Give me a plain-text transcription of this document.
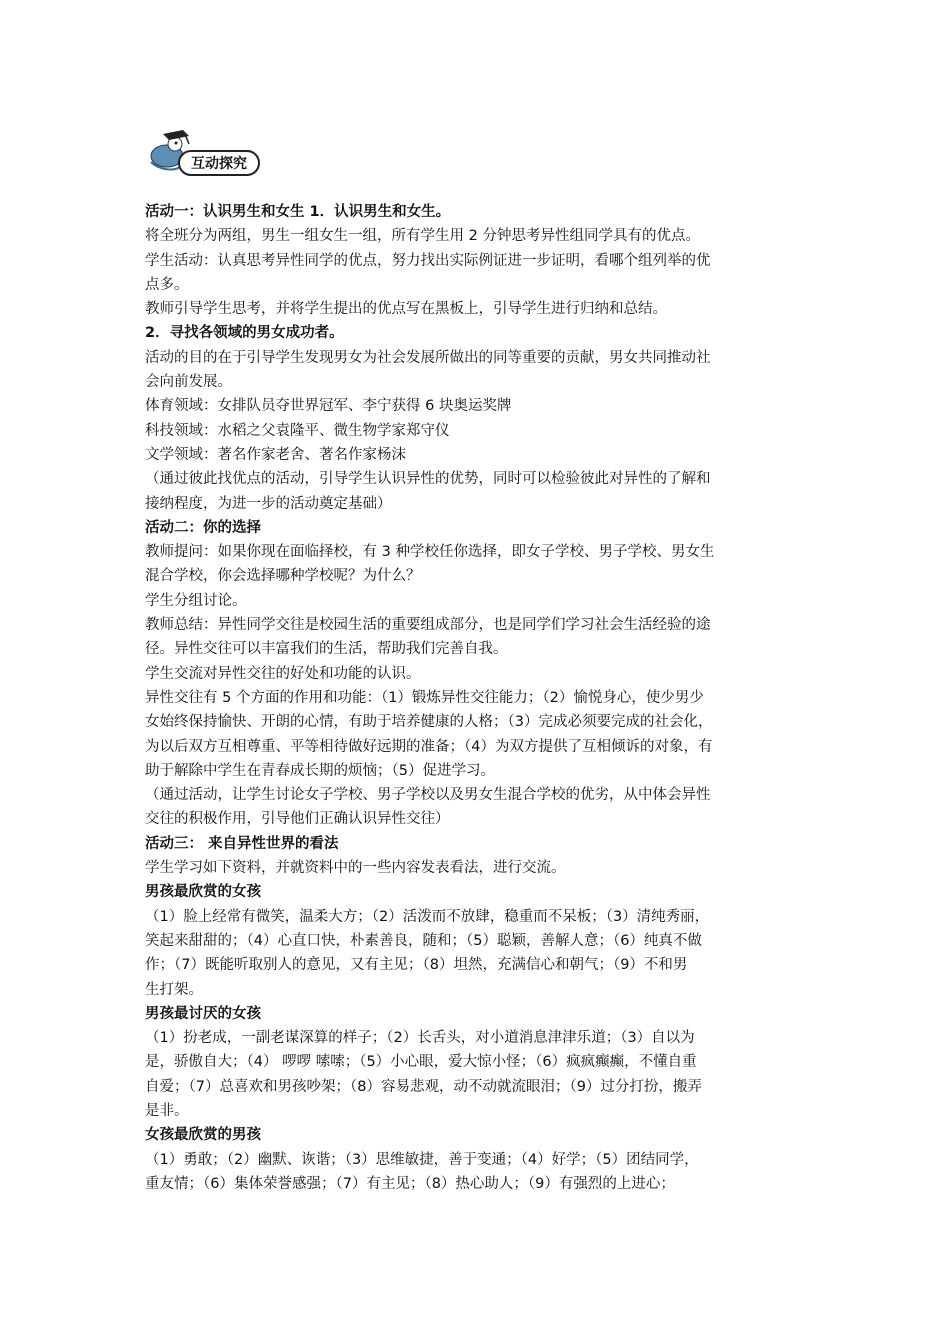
互动探究
活动一：认识男生和女生 1．认识男生和女生。
将全班分为两组，男生一组女生一组，所有学生用 2 分钟思考异性组同学具有的优点。
学生活动：认真思考异性同学的优点，努力找出实际例证进一步证明，看哪个组列举的优
点多。
教师引导学生思考，并将学生提出的优点写在黑板上，引导学生进行归纳和总结。
2．寻找各领域的男女成功者。
活动的目的在于引导学生发现男女为社会发展所做出的同等重要的贡献，男女共同推动社
会向前发展。
体育领域：女排队员夺世界冠军、李宁获得 6 块奥运奖牌
科技领域：水稻之父袁隆平、微生物学家郑守仪
文学领域：著名作家老舍、著名作家杨沫
（通过彼此找优点的活动，引导学生认识异性的优势，同时可以检验彼此对异性的了解和
接纳程度，为进一步的活动奠定基础）
活动二：你的选择
教师提问：如果你现在面临择校，有 3 种学校任你选择，即女子学校、男子学校、男女生
混合学校，你会选择哪种学校呢？为什么？
学生分组讨论。
教师总结：异性同学交往是校园生活的重要组成部分，也是同学们学习社会生活经验的途
径。异性交往可以丰富我们的生活，帮助我们完善自我。
学生交流对异性交往的好处和功能的认识。
异性交往有 5 个方面的作用和功能：（1）锻炼异性交往能力；（2）愉悦身心，使少男少
女始终保持愉快、开朗的心情，有助于培养健康的人格；（3）完成必须要完成的社会化，
为以后双方互相尊重、平等相待做好远期的准备；（4）为双方提供了互相倾诉的对象，有
助于解除中学生在青春成长期的烦恼；（5）促进学习。
（通过活动，让学生讨论女子学校、男子学校以及男女生混合学校的优劣，从中体会异性
交往的积极作用，引导他们正确认识异性交往）
活动三： 来自异性世界的看法
学生学习如下资料，并就资料中的一些内容发表看法，进行交流。
男孩最欣赏的女孩
（1）脸上经常有微笑，温柔大方；（2）活泼而不放肆，稳重而不呆板；（3）清纯秀丽，
笑起来甜甜的；（4）心直口快，朴素善良，随和；（5）聪颖，善解人意；（6）纯真不做
作；（7）既能听取别人的意见，又有主见；（8）坦然，充满信心和朝气；（9）不和男
生打架。
男孩最讨厌的女孩
（1）扮老成，一副老谋深算的样子；（2）长舌头，对小道消息津津乐道；（3）自以为
是，骄傲自大；（4） 啰啰 嗦嗦；（5）小心眼，爱大惊小怪；（6）疯疯癫癫，不懂自重
自爱；（7）总喜欢和男孩吵架；（8）容易悲观，动不动就流眼泪；（9）过分打扮，搬弄
是非。
女孩最欣赏的男孩
（1）勇敢；（2）幽默、诙谐；（3）思维敏捷，善于变通；（4）好学；（5）团结同学，
重友情；（6）集体荣誉感强；（7）有主见；（8）热心助人；（9）有强烈的上进心；
